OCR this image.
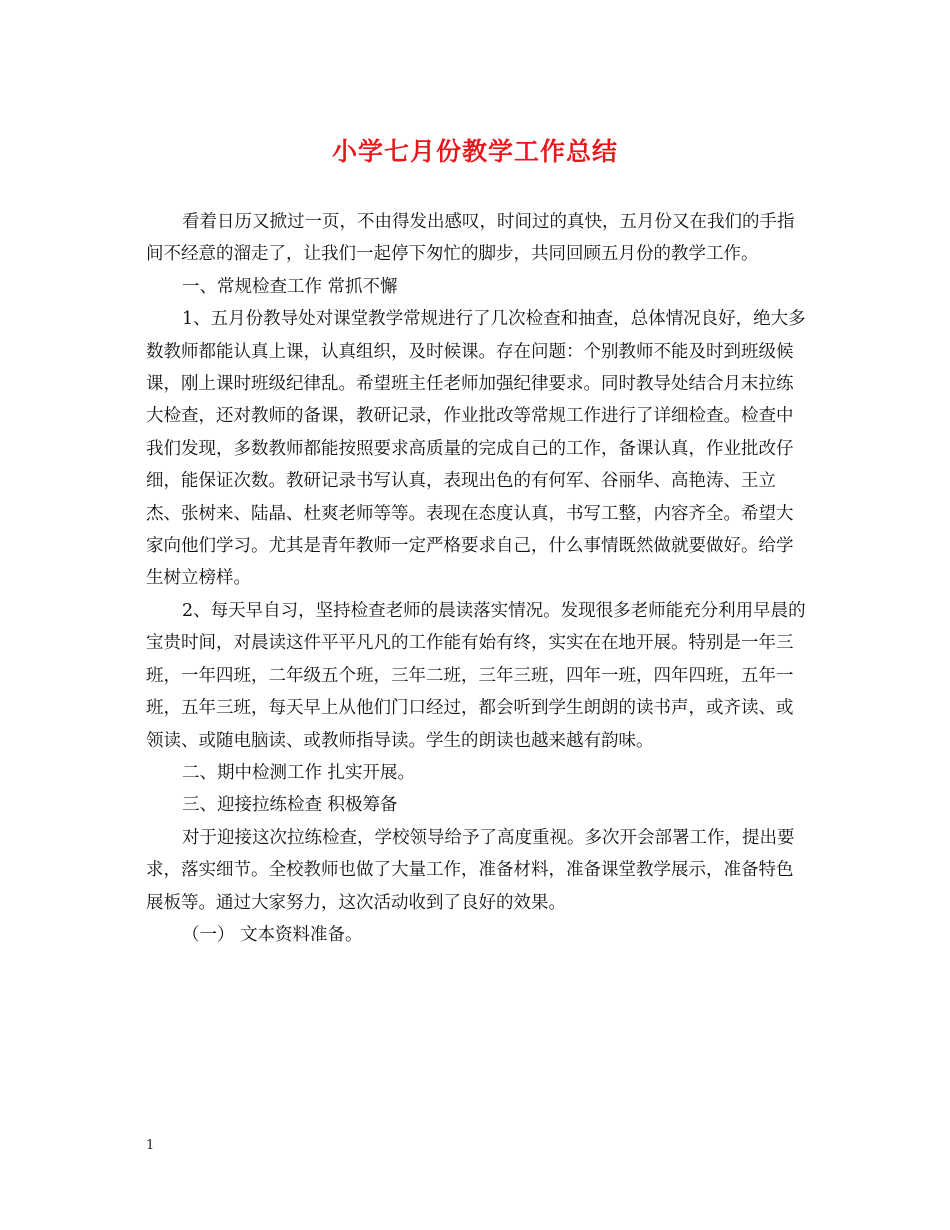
小学七月份教学工作总结

看着日历又掀过一页，不由得发出感叹，时间过的真快，五月份又在我们的手指间不经意的溜走了，让我们一起停下匆忙的脚步，共同回顾五月份的教学工作。

一、常规检查工作 常抓不懈

1、五月份教导处对课堂教学常规进行了几次检查和抽查，总体情况良好，绝大多数教师都能认真上课，认真组织，及时候课。存在问题：个别教师不能及时到班级候课，刚上课时班级纪律乱。希望班主任老师加强纪律要求。同时教导处结合月末拉练大检查，还对教师的备课，教研记录，作业批改等常规工作进行了详细检查。检查中我们发现，多数教师都能按照要求高质量的完成自己的工作，备课认真，作业批改仔细，能保证次数。教研记录书写认真，表现出色的有何军、谷丽华、高艳涛、王立杰、张树来、陆晶、杜爽老师等等。表现在态度认真，书写工整，内容齐全。希望大家向他们学习。尤其是青年教师一定严格要求自己，什么事情既然做就要做好。给学生树立榜样。

2、每天早自习，坚持检查老师的晨读落实情况。发现很多老师能充分利用早晨的宝贵时间，对晨读这件平平凡凡的工作能有始有终，实实在在地开展。特别是一年三班，一年四班，二年级五个班，三年二班，三年三班，四年一班，四年四班，五年一班，五年三班，每天早上从他们门口经过，都会听到学生朗朗的读书声，或齐读、或领读、或随电脑读、或教师指导读。学生的朗读也越来越有韵味。

二、期中检测工作 扎实开展。

三、迎接拉练检查 积极筹备

对于迎接这次拉练检查，学校领导给予了高度重视。多次开会部署工作，提出要求，落实细节。全校教师也做了大量工作，准备材料，准备课堂教学展示，准备特色展板等。通过大家努力，这次活动收到了良好的效果。

（一） 文本资料准备。

1
